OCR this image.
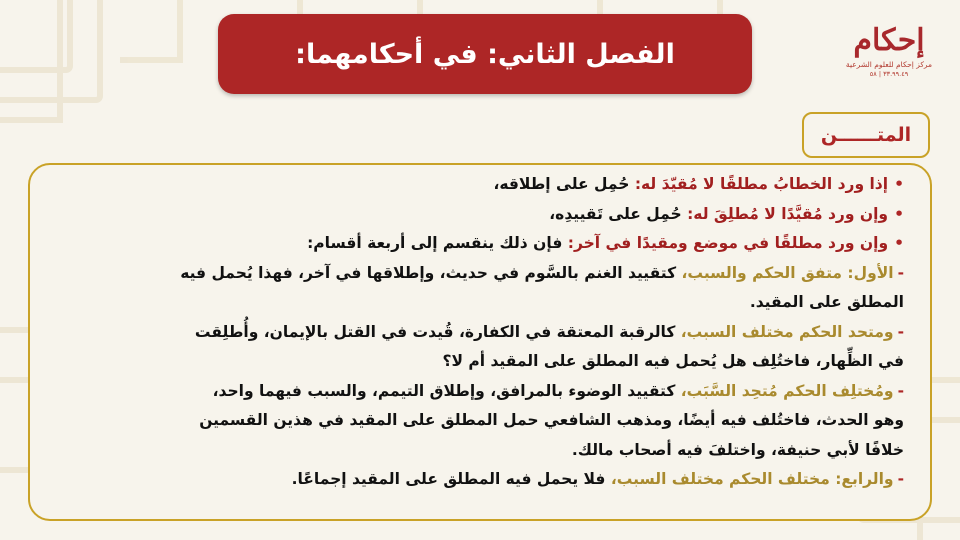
إحكام
مركز إحكام للعلوم الشرعية
٣٣.٩٩.٤٩ | ٥٨
الفصل الثاني: في أحكامهما:
المتــــــن
•إذا ورد الخطابُ مطلقًا لا مُقيّدَ له: حُمِل على إطلاقه،
•وإن ورد مُقيَّدًا لا مُطلِقَ له: حُمِل على تَقييدِه،
•وإن ورد مطلقًا في موضع ومقيدًا في آخر: فإن ذلك ينقسم إلى أربعة أقسام:
-الأول: متفق الحكم والسبب، كتقييد الغنم بالسَّوم في حديث، وإطلاقها في آخر، فهذا يُحمل فيه
المطلق على المقيد.
-ومتحد الحكم مختلف السبب، كالرقبة المعتقة في الكفارة، قُيدت في القتل بالإيمان، وأُطلِقت
في الظِّهار، فاختُلِف هل يُحمل فيه المطلق على المقيد أم لا؟
-ومُختلِف الحكم مُتحِد السَّبَب، كتقييد الوضوء بالمرافق، وإطلاق التيمم، والسبب فيهما واحد،
وهو الحدث، فاختُلف فيه أيضًا، ومذهب الشافعي حمل المطلق على المقيد في هذين القسمين
خلافًا لأبي حنيفة، واختلفَ فيه أصحاب مالك.
-والرابع: مختلف الحكم مختلف السبب، فلا يحمل فيه المطلق على المقيد إجماعًا.
